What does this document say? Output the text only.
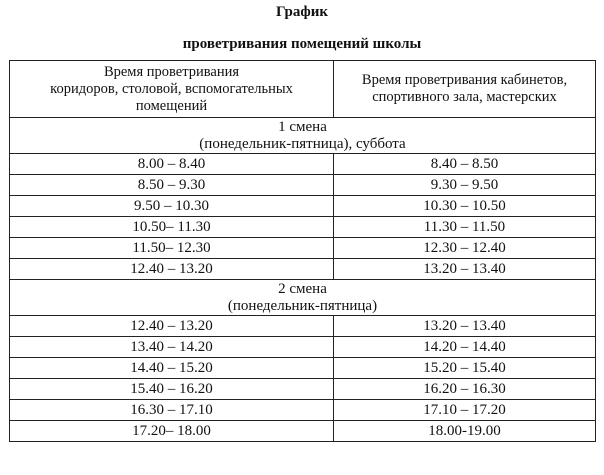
График
проветривания помещений школы
Время проветривания
коридоров, столовой, вспомогательных
помещений	Время проветривания кабинетов,
спортивного зала, мастерских

1 смена
(понедельник-пятница), суббота	

8.00 – 8.40	8.40 – 8.50
8.50 – 9.30	9.30 – 9.50
9.50 – 10.30	10.30 – 10.50
10.50– 11.30	11.30 – 11.50
11.50– 12.30	12.30 – 12.40
12.40 – 13.20	13.20 – 13.40

2 смена
(понедельник-пятница)	

12.40 – 13.20	13.20 – 13.40
13.40 – 14.20	14.20 – 14.40
14.40 – 15.20	15.20 – 15.40
15.40 – 16.20	16.20 – 16.30
16.30 – 17.10	17.10 – 17.20
17.20– 18.00	18.00-19.00
